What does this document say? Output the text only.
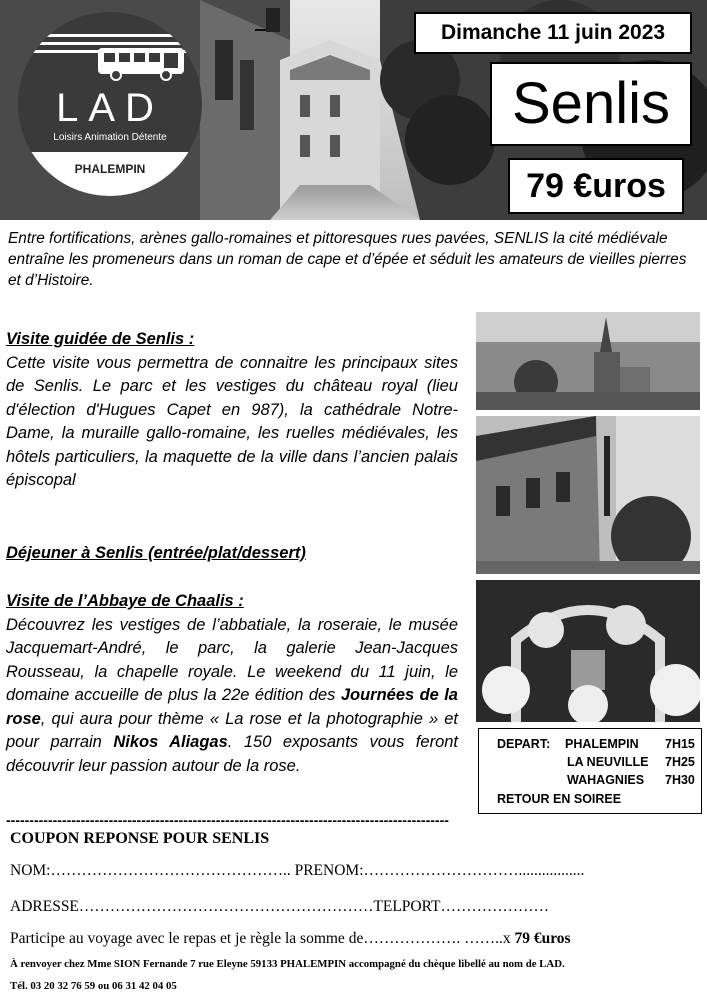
LAD
Loisirs Animation Détente
PHALEMPIN
Dimanche 11 juin 2023
Senlis
79 €uros
Entre fortifications, arènes gallo-romaines et pittoresques rues pavées, SENLIS la cité médiévale entraîne les promeneurs dans un roman de cape et d’épée et séduit les amateurs de vieilles pierres et d’Histoire.
Visite guidée de Senlis :
Cette visite vous permettra de connaitre les principaux sites de Senlis. Le parc et les vestiges du château royal (lieu d'élection d'Hugues Capet en 987), la cathédrale Notre-Dame, la muraille gallo-romaine, les ruelles médiévales, les hôtels particuliers, la maquette de la ville dans l’ancien palais épiscopal
Déjeuner à Senlis (entrée/plat/dessert)
Visite de l’Abbaye de Chaalis :
Découvrez les vestiges de l’abbatiale, la roseraie, le musée Jacquemart-André, le parc, la galerie Jean-Jacques Rousseau, la chapelle royale. Le weekend du 11 juin, le domaine accueille de plus la 22e édition des Journées de la rose, qui aura pour thème « La rose et la photographie » et pour parrain Nikos Aliagas. 150 exposants vous feront découvrir leur passion autour de la rose.
DEPART: PHALEMPIN 7H15
LA NEUVILLE 7H25
WAHAGNIES 7H30
RETOUR EN SOIREE
-----------------------------------------------------------------------------------------------
COUPON REPONSE POUR SENLIS
NOM:……………………………………….. PRENOM:………………………….................
ADRESSE…………………………………………………TELPORT…………………
Participe au voyage avec le repas et je règle la somme de………………. ……..x 79 €uros
À renvoyer chez Mme SION Fernande 7 rue Eleyne 59133 PHALEMPIN accompagné du chèque libellé au nom de LAD.
Tél. 03 20 32 76 59 ou 06 31 42 04 05
